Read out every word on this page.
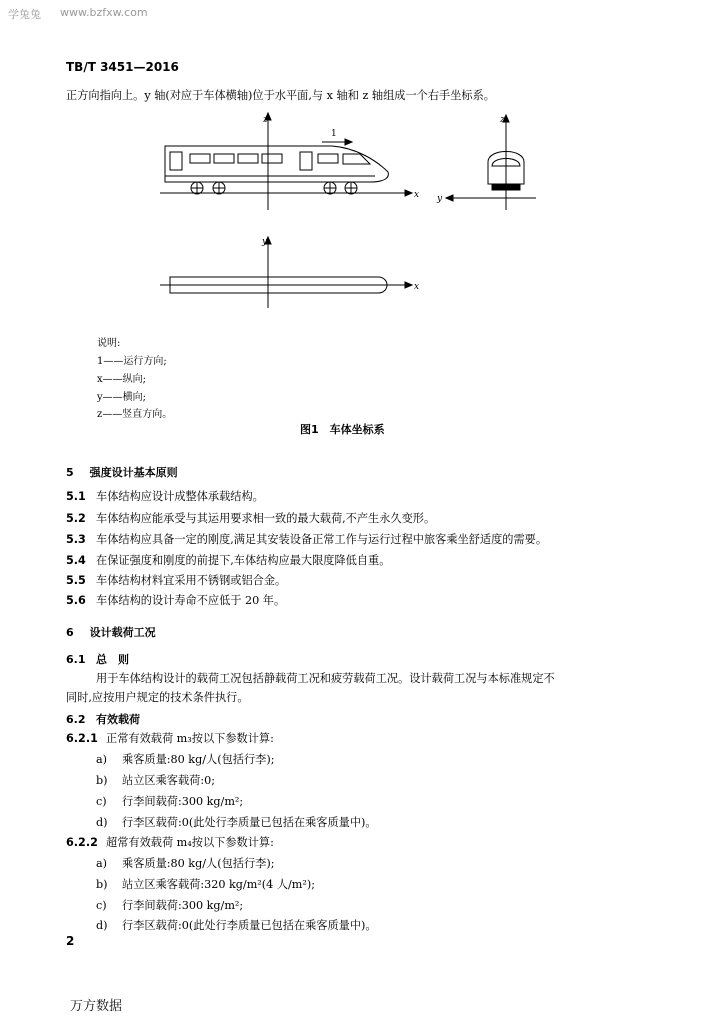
学兔兔 www.bzfxw.com
TB/T 3451—2016
正方向指向上。y 轴(对应于车体横轴)位于水平面,与 x 轴和 z 轴组成一个右手坐标系。
z
x
1
z
y
y
x
说明:
1——运行方向;
x——纵向;
y——横向;
z——竖直方向。
图1　车体坐标系
5 强度设计基本原则
5.1 车体结构应设计成整体承载结构。
5.2 车体结构应能承受与其运用要求相一致的最大载荷,不产生永久变形。
5.3 车体结构应具备一定的刚度,满足其安装设备正常工作与运行过程中旅客乘坐舒适度的需要。
5.4 在保证强度和刚度的前提下,车体结构应最大限度降低自重。
5.5 车体结构材料宜采用不锈钢或铝合金。
5.6 车体结构的设计寿命不应低于 20 年。
6 设计载荷工况
6.1 总　则
用于车体结构设计的载荷工况包括静载荷工况和疲劳载荷工况。设计载荷工况与本标准规定不
同时,应按用户规定的技术条件执行。
6.2 有效载荷
6.2.1 正常有效载荷 m₃按以下参数计算:
a) 乘客质量:80 kg/人(包括行李);
b) 站立区乘客载荷:0;
c) 行李间载荷:300 kg/m²;
d) 行李区载荷:0(此处行李质量已包括在乘客质量中)。
6.2.2 超常有效载荷 m₄按以下参数计算:
a) 乘客质量:80 kg/人(包括行李);
b) 站立区乘客载荷:320 kg/m²(4 人/m²);
c) 行李间载荷:300 kg/m²;
d) 行李区载荷:0(此处行李质量已包括在乘客质量中)。
2
万方数据
